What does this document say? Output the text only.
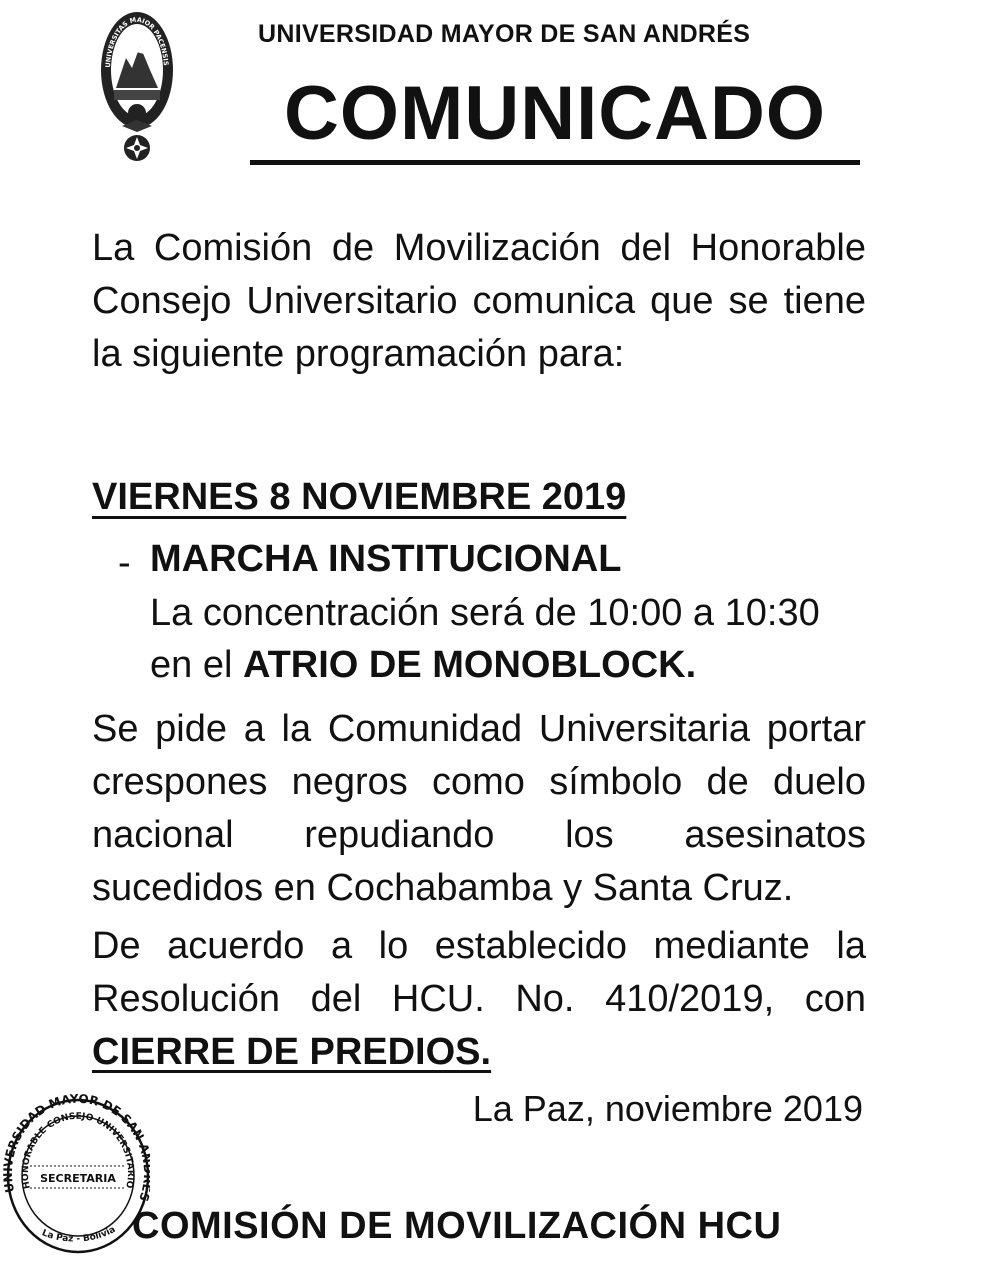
UNIVERSITAS MAIOR PACENSIS
UNIVERSIDAD MAYOR DE SAN ANDRÉS
COMUNICADO
La Comisión de Movilización del Honorable Consejo Universitario comunica que se tiene la siguiente programación para:
VIERNES 8 NOVIEMBRE 2019
- MARCHA INSTITUCIONAL
La concentración será de 10:00 a 10:30
en el ATRIO DE MONOBLOCK.
Se pide a la Comunidad Universitaria portar crespones negros como símbolo de duelo nacional repudiando los asesinatos sucedidos en Cochabamba y Santa Cruz.
De acuerdo a lo establecido mediante la Resolución del HCU. No. 410/2019, con CIERRE DE PREDIOS.
La Paz, noviembre 2019
UNIVERSIDAD MAYOR DE SAN
HONORABLE CONSEJO UNIVERSITARIO
SECRETARIA
La Paz - Bolivia COMISIÓN DE MOVILIZACIÓN HCU
